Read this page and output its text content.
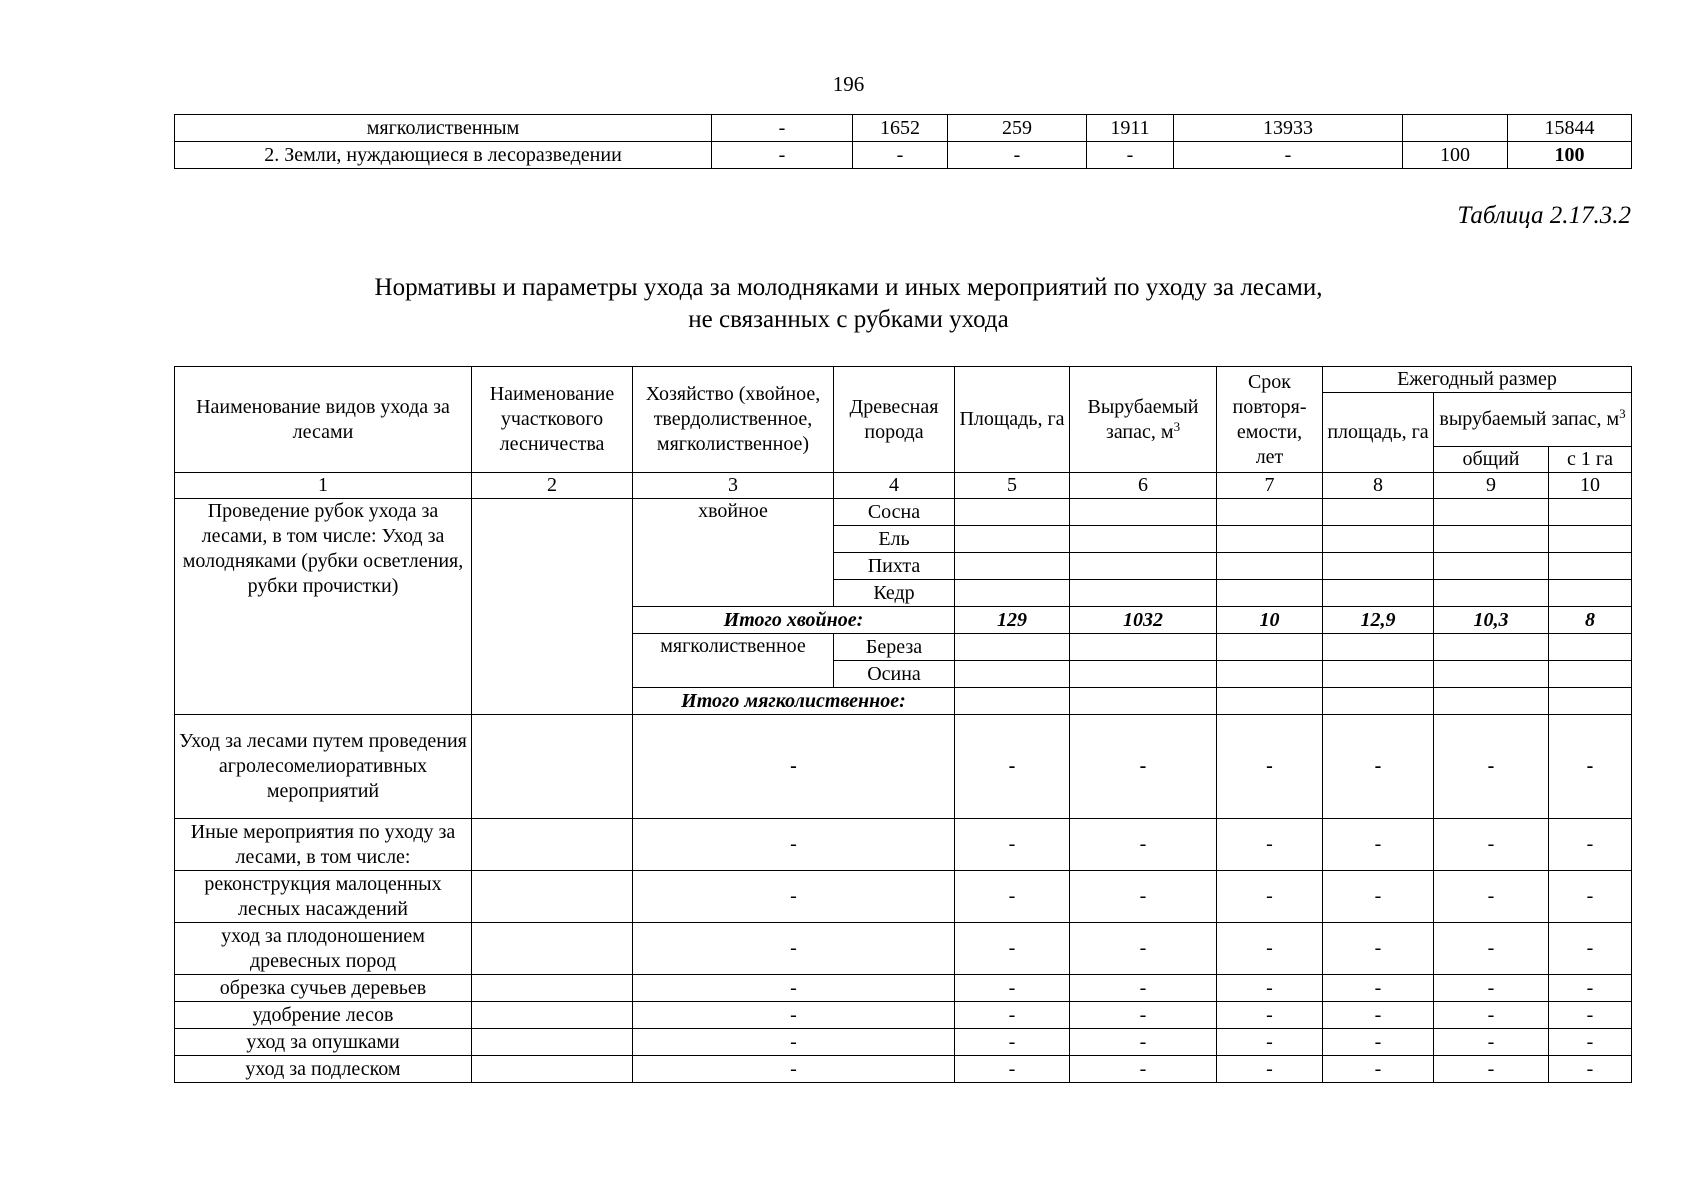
196
мягколиственным	-	1652	259	1911	13933		15844
2. Земли, нуждающиеся в лесоразведении	-	-	-	-	-	100	100
Таблица 2.17.3.2
Нормативы и параметры ухода за молодняками и иных мероприятий по уходу за лесами,
не связанных с рубками ухода
Наименование видов ухода за лесами	Наименование участкового лесничества	Хозяйство (хвойное, твердолиственное, мягколиственное)	Древесная порода	Площадь, га	Вырубаемый запас, $м^3$	Срок повторя-емости, лет	Ежегодный размер		
							площадь, га	вырубаемый запас, $м^3$
								общий	с 1 га
1	2	3	4	5	6	7	8	9	10
Проведение рубок ухода за лесами, в том числе: Уход за молодняками (рубки осветления, рубки прочистки)		хвойное	Сосна						
			Ель						
			Пихта						
			Кедр						
		Итого хвойное:		129	1032	10	12,9	10,3	8
		мягколиственное	Береза						
			Осина						
		Итого мягколиственное:							
Уход за лесами путем проведения агролесомелиоративных мероприятий		-		-	-	-	-	-	-
Иные мероприятия по уходу за лесами, в том числе:		-		-	-	-	-	-	-
реконструкция малоценных лесных насаждений		-		-	-	-	-	-	-
уход за плодоношением древесных пород		-		-	-	-	-	-	-
обрезка сучьев деревьев		-		-	-	-	-	-	-
удобрение лесов		-		-	-	-	-	-	-
уход за опушками		-		-	-	-	-	-	-
уход за подлеском		-		-	-	-	-	-	-
